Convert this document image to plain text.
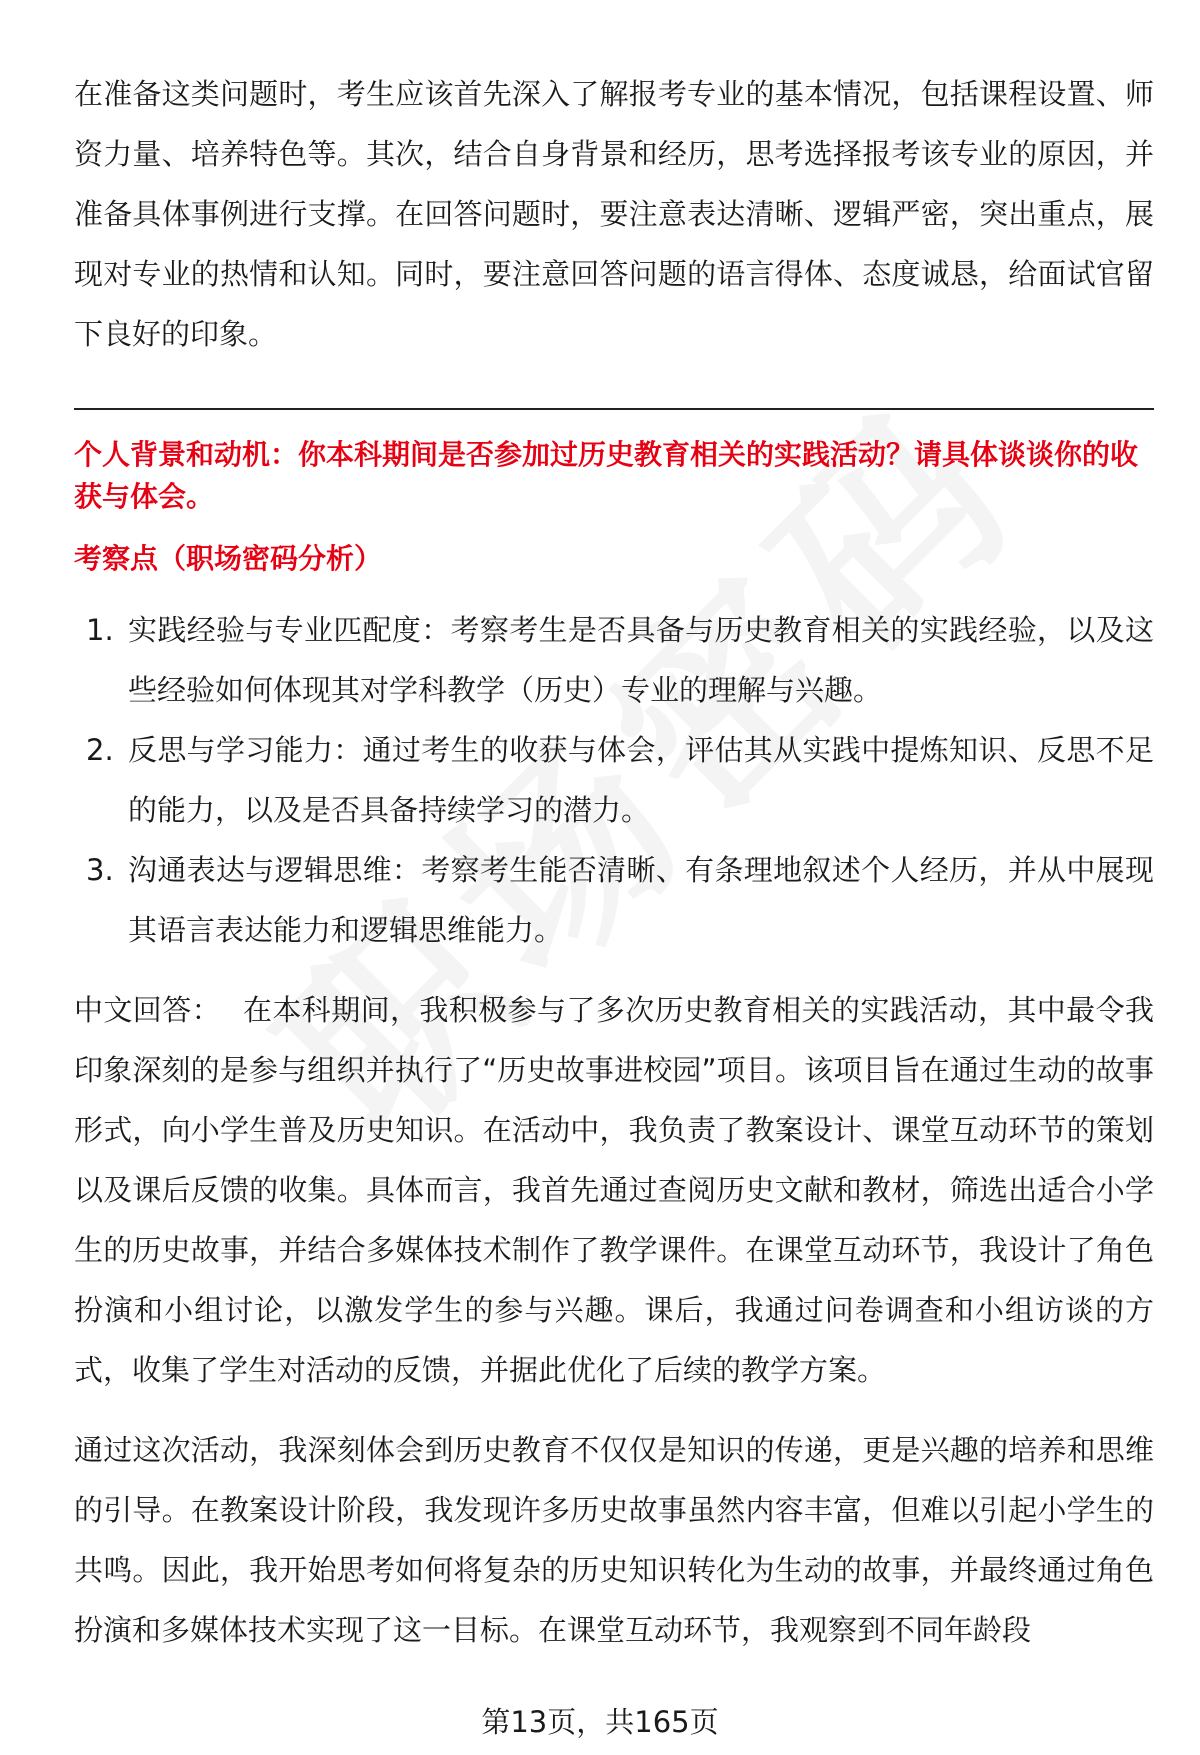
在准备这类问题时，考生应该首先深入了解报考专业的基本情况，包括课程设置、师资力量、培养特色等。其次，结合自身背景和经历，思考选择报考该专业的原因，并准备具体事例进行支撑。在回答问题时，要注意表达清晰、逻辑严密，突出重点，展现对专业的热情和认知。同时，要注意回答问题的语言得体、态度诚恳，给面试官留下良好的印象。

个人背景和动机：你本科期间是否参加过历史教育相关的实践活动？请具体谈谈你的收获与体会。

考察点（职场密码分析）

1. 实践经验与专业匹配度：考察考生是否具备与历史教育相关的实践经验，以及这些经验如何体现其对学科教学（历史）专业的理解与兴趣。
2. 反思与学习能力：通过考生的收获与体会，评估其从实践中提炼知识、反思不足的能力，以及是否具备持续学习的潜力。
3. 沟通表达与逻辑思维：考察考生能否清晰、有条理地叙述个人经历，并从中展现其语言表达能力和逻辑思维能力。

中文回答： 在本科期间，我积极参与了多次历史教育相关的实践活动，其中最令我印象深刻的是参与组织并执行了“历史故事进校园”项目。该项目旨在通过生动的故事形式，向小学生普及历史知识。在活动中，我负责了教案设计、课堂互动环节的策划以及课后反馈的收集。具体而言，我首先通过查阅历史文献和教材，筛选出适合小学生的历史故事，并结合多媒体技术制作了教学课件。在课堂互动环节，我设计了角色扮演和小组讨论，以激发学生的参与兴趣。课后，我通过问卷调查和小组访谈的方式，收集了学生对活动的反馈，并据此优化了后续的教学方案。

通过这次活动，我深刻体会到历史教育不仅仅是知识的传递，更是兴趣的培养和思维的引导。在教案设计阶段，我发现许多历史故事虽然内容丰富，但难以引起小学生的共鸣。因此，我开始思考如何将复杂的历史知识转化为生动的故事，并最终通过角色扮演和多媒体技术实现了这一目标。在课堂互动环节，我观察到不同年龄段

第13页，共165页
